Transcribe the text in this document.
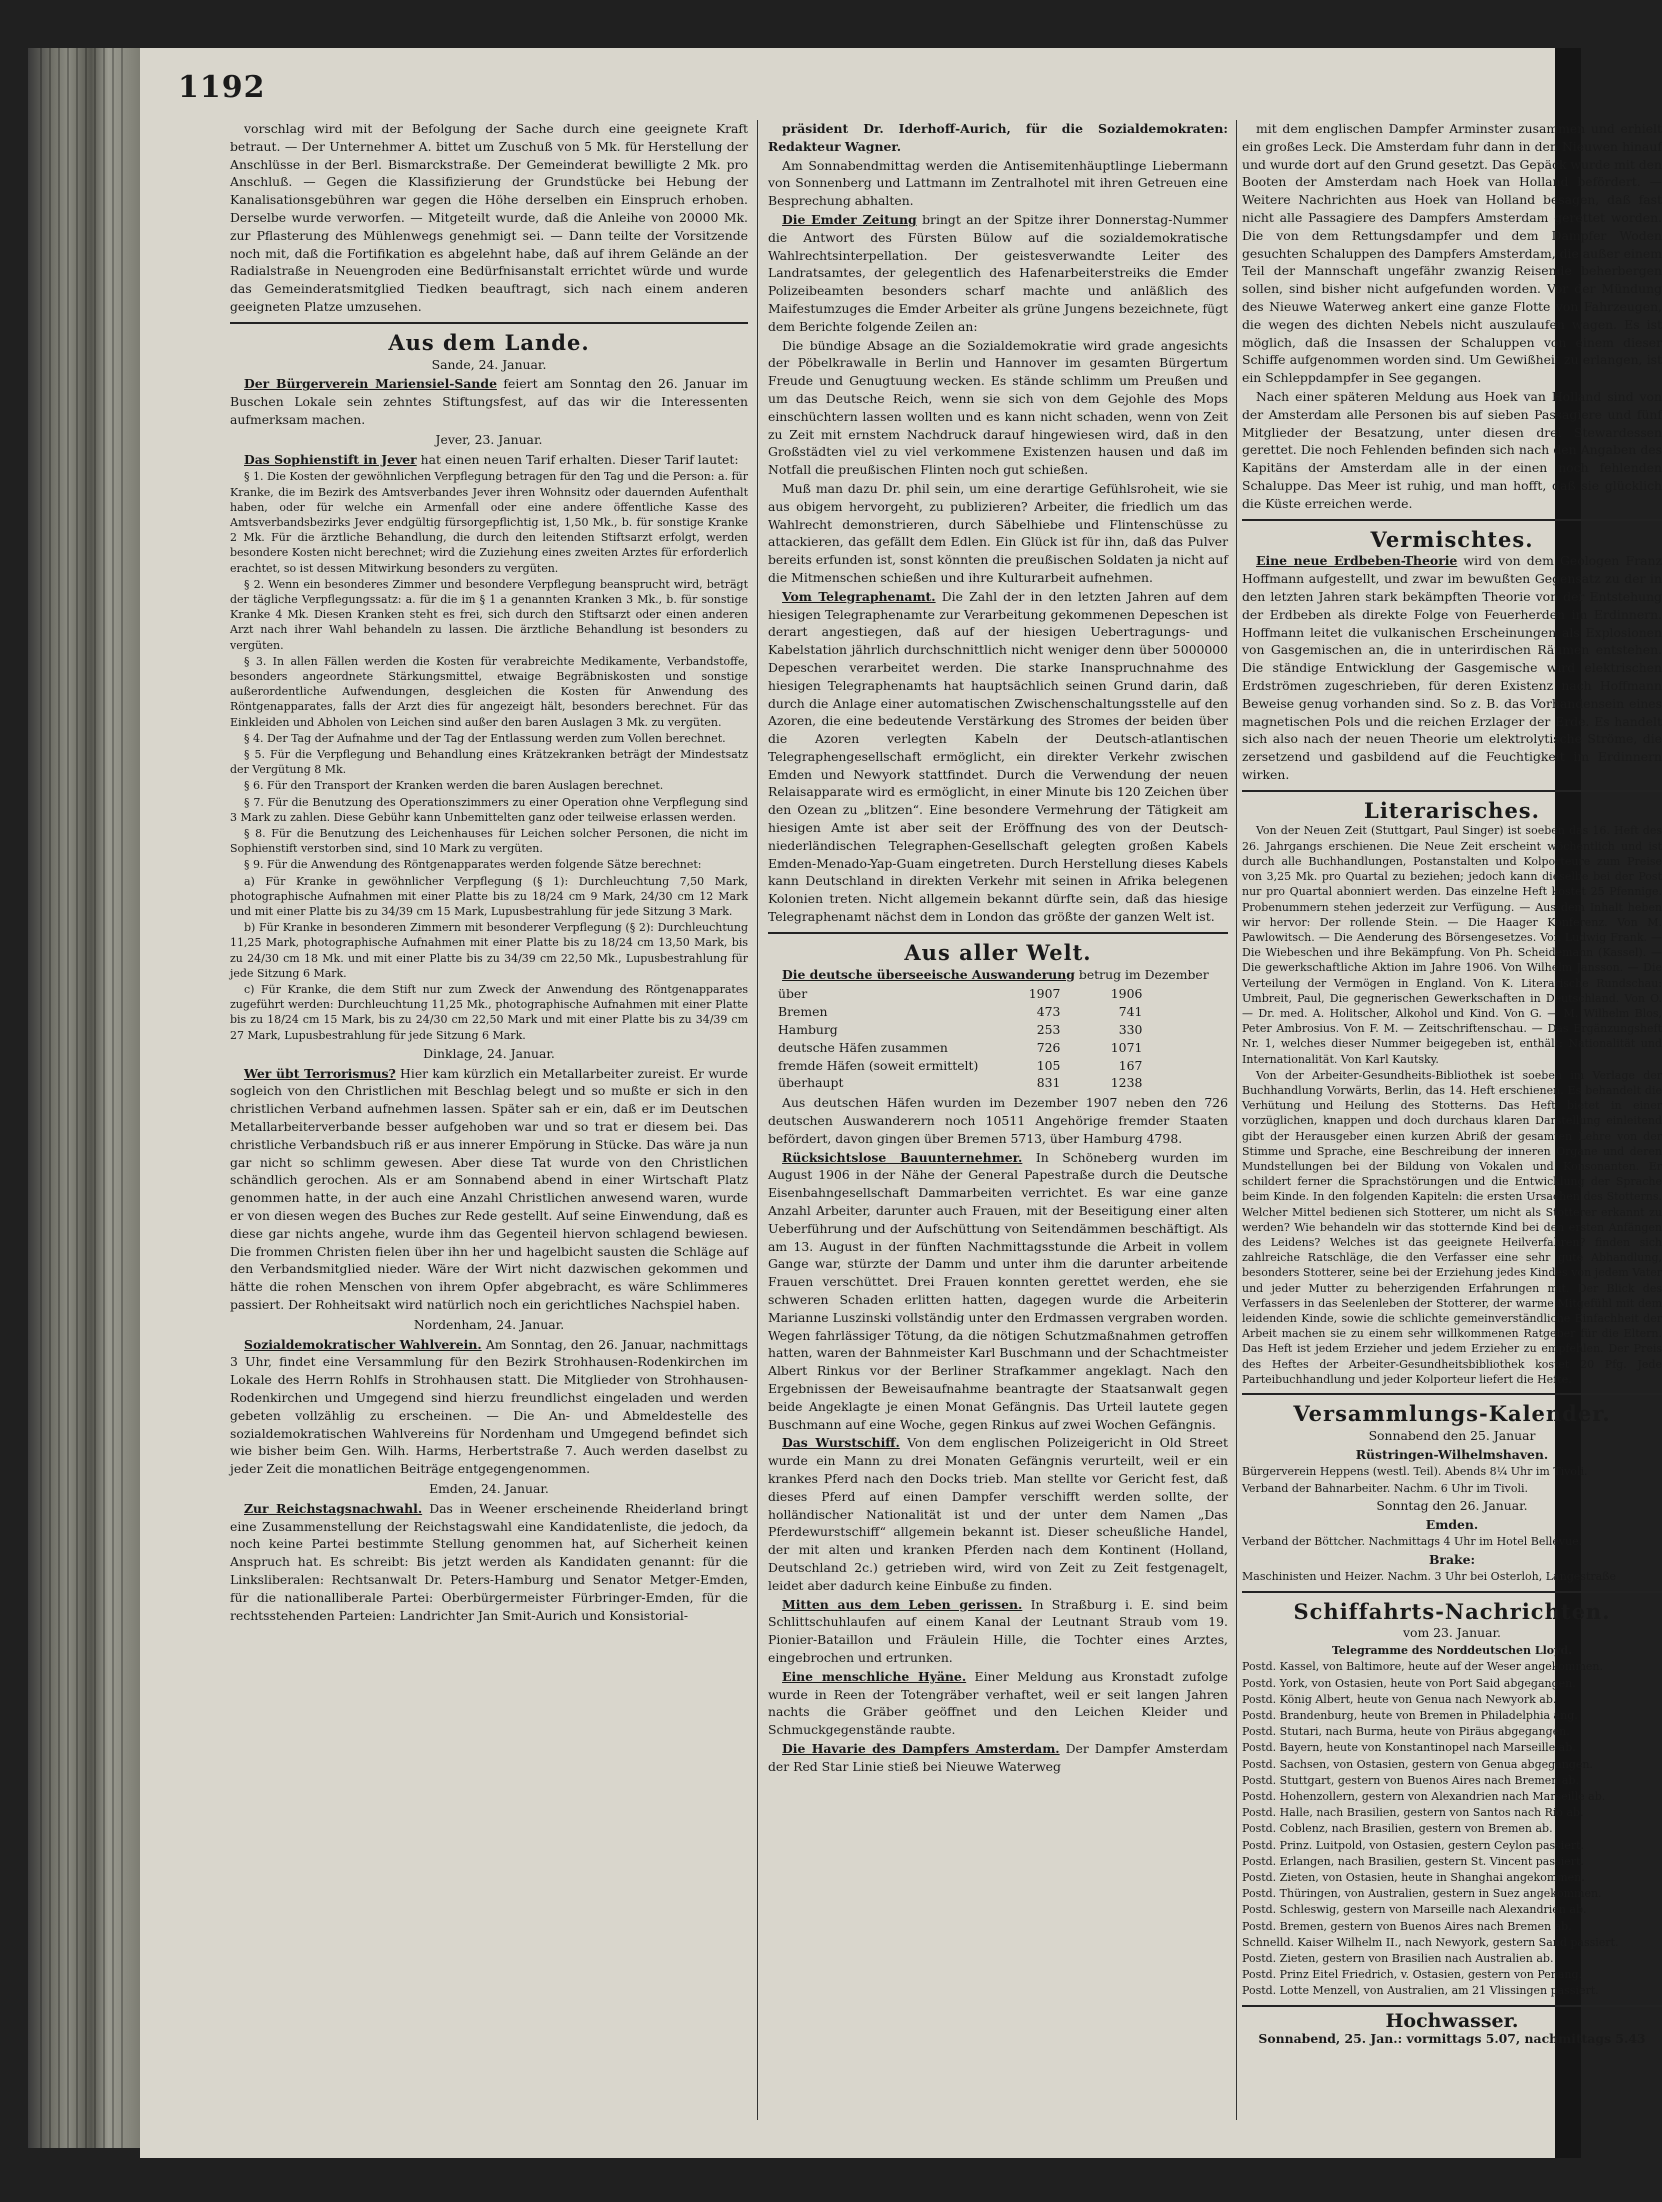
1192

vorschlag wird mit der Befolgung der Sache durch eine geeignete Kraft betraut. — Der Unternehmer A. bittet um Zuschuß von 5 Mk. für Herstellung der Anschlüsse in der Berl. Bismarckstraße. Der Gemeinderat bewilligte 2 Mk. pro Anschluß. — Gegen die Klassifizierung der Grundstücke bei Hebung der Kanalisationsgebühren war gegen die Höhe derselben ein Einspruch erhoben. Derselbe wurde verworfen. — Mitgeteilt wurde, daß die Anleihe von 20000 Mk. zur Pflasterung des Mühlenwegs genehmigt sei. — Dann teilte der Vorsitzende noch mit, daß die Fortifikation es abgelehnt habe, daß auf ihrem Gelände an der Radialstraße in Neuengroden eine Bedürfnisanstalt errichtet würde und wurde das Gemeinderatsmitglied Tiedken beauftragt, sich nach einem anderen geeigneten Platze umzusehen.

Aus dem Lande.

Sande, 24. Januar.

Der Bürgerverein Mariensiel-Sande feiert am Sonntag den 26. Januar im Buschen Lokale sein zehntes Stiftungsfest, auf das wir die Interessenten aufmerksam machen.

Jever, 23. Januar.

Das Sophienstift in Jever hat einen neuen Tarif erhalten. Dieser Tarif lautet:

§ 1. Die Kosten der gewöhnlichen Verpflegung betragen für den Tag und die Person: a. für Kranke, die im Bezirk des Amtsverbandes Jever ihren Wohnsitz oder dauernden Aufenthalt haben, oder für welche ein Armenfall oder eine andere öffentliche Kasse des Amtsverbandsbezirks Jever endgültig fürsorgepflichtig ist, 1,50 Mk., b. für sonstige Kranke 2 Mk. Für die ärztliche Behandlung, die durch den leitenden Stiftsarzt erfolgt, werden besondere Kosten nicht berechnet; wird die Zuziehung eines zweiten Arztes für erforderlich erachtet, so ist dessen Mitwirkung besonders zu vergüten.

§ 2. Wenn ein besonderes Zimmer und besondere Verpflegung beansprucht wird, beträgt der tägliche Verpflegungssatz: a. für die im § 1 a genannten Kranken 3 Mk., b. für sonstige Kranke 4 Mk. Diesen Kranken steht es frei, sich durch den Stiftsarzt oder einen anderen Arzt nach ihrer Wahl behandeln zu lassen. Die ärztliche Behandlung ist besonders zu vergüten.

§ 3. In allen Fällen werden die Kosten für verabreichte Medikamente, Verbandstoffe, besonders angeordnete Stärkungsmittel, etwaige Begräbniskosten und sonstige außerordentliche Aufwendungen, desgleichen die Kosten für Anwendung des Röntgenapparates, falls der Arzt dies für angezeigt hält, besonders berechnet. Für das Einkleiden und Abholen von Leichen sind außer den baren Auslagen 3 Mk. zu vergüten.

§ 4. Der Tag der Aufnahme und der Tag der Entlassung werden zum Vollen berechnet.

§ 5. Für die Verpflegung und Behandlung eines Krätzekranken beträgt der Mindestsatz der Vergütung 8 Mk.

§ 6. Für den Transport der Kranken werden die baren Auslagen berechnet.

§ 7. Für die Benutzung des Operationszimmers zu einer Operation ohne Verpflegung sind 3 Mark zu zahlen. Diese Gebühr kann Unbemittelten ganz oder teilweise erlassen werden.

§ 8. Für die Benutzung des Leichenhauses für Leichen solcher Personen, die nicht im Sophienstift verstorben sind, sind 10 Mark zu vergüten.

§ 9. Für die Anwendung des Röntgenapparates werden folgende Sätze berechnet:

a) Für Kranke in gewöhnlicher Verpflegung (§ 1): Durchleuchtung 7,50 Mark, photographische Aufnahmen mit einer Platte bis zu 18/24 cm 9 Mark, 24/30 cm 12 Mark und mit einer Platte bis zu 34/39 cm 15 Mark, Lupusbestrahlung für jede Sitzung 3 Mark.

b) Für Kranke in besonderen Zimmern mit besonderer Verpflegung (§ 2): Durchleuchtung 11,25 Mark, photographische Aufnahmen mit einer Platte bis zu 18/24 cm 13,50 Mark, bis zu 24/30 cm 18 Mk. und mit einer Platte bis zu 34/39 cm 22,50 Mk., Lupusbestrahlung für jede Sitzung 6 Mark.

c) Für Kranke, die dem Stift nur zum Zweck der Anwendung des Röntgenapparates zugeführt werden: Durchleuchtung 11,25 Mk., photographische Aufnahmen mit einer Platte bis zu 18/24 cm 15 Mark, bis zu 24/30 cm 22,50 Mark und mit einer Platte bis zu 34/39 cm 27 Mark, Lupusbestrahlung für jede Sitzung 6 Mark.

Dinklage, 24. Januar.

Wer übt Terrorismus? Hier kam kürzlich ein Metallarbeiter zureist. Er wurde sogleich von den Christlichen mit Beschlag belegt und so mußte er sich in den christlichen Verband aufnehmen lassen. Später sah er ein, daß er im Deutschen Metallarbeiterverbande besser aufgehoben war und so trat er diesem bei. Das christliche Verbandsbuch riß er aus innerer Empörung in Stücke. Das wäre ja nun gar nicht so schlimm gewesen. Aber diese Tat wurde von den Christlichen schändlich gerochen. Als er am Sonnabend abend in einer Wirtschaft Platz genommen hatte, in der auch eine Anzahl Christlichen anwesend waren, wurde er von diesen wegen des Buches zur Rede gestellt. Auf seine Einwendung, daß es diese gar nichts angehe, wurde ihm das Gegenteil hiervon schlagend bewiesen. Die frommen Christen fielen über ihn her und hagelbicht sausten die Schläge auf den Verbandsmitglied nieder. Wäre der Wirt nicht dazwischen gekommen und hätte die rohen Menschen von ihrem Opfer abgebracht, es wäre Schlimmeres passiert. Der Rohheitsakt wird natürlich noch ein gerichtliches Nachspiel haben.

Nordenham, 24. Januar.

Sozialdemokratischer Wahlverein. Am Sonntag, den 26. Januar, nachmittags 3 Uhr, findet eine Versammlung für den Bezirk Strohhausen-Rodenkirchen im Lokale des Herrn Rohlfs in Strohhausen statt. Die Mitglieder von Strohhausen-Rodenkirchen und Umgegend sind hierzu freundlichst eingeladen und werden gebeten vollzählig zu erscheinen. — Die An- und Abmeldestelle des sozialdemokratischen Wahlvereins für Nordenham und Umgegend befindet sich wie bisher beim Gen. Wilh. Harms, Herbertstraße 7. Auch werden daselbst zu jeder Zeit die monatlichen Beiträge entgegengenommen.

Emden, 24. Januar.

Zur Reichstagsnachwahl. Das in Weener erscheinende Rheiderland bringt eine Zusammenstellung der Reichstagswahl eine Kandidatenliste, die jedoch, da noch keine Partei bestimmte Stellung genommen hat, auf Sicherheit keinen Anspruch hat. Es schreibt: Bis jetzt werden als Kandidaten genannt: für die Linksliberalen: Rechtsanwalt Dr. Peters-Hamburg und Senator Metger-Emden, für die nationalliberale Partei: Oberbürgermeister Fürbringer-Emden, für die rechtsstehenden Parteien: Landrichter Jan Smit-Aurich und Konsistorial-

präsident Dr. Iderhoff-Aurich, für die Sozialdemokraten: Redakteur Wagner.

Am Sonnabendmittag werden die Antisemitenhäuptlinge Liebermann von Sonnenberg und Lattmann im Zentralhotel mit ihren Getreuen eine Besprechung abhalten.

Die Emder Zeitung bringt an der Spitze ihrer Donnerstag-Nummer die Antwort des Fürsten Bülow auf die sozialdemokratische Wahlrechtsinterpellation. Der geistesverwandte Leiter des Landratsamtes, der gelegentlich des Hafenarbeiterstreiks die Emder Polizeibeamten besonders scharf machte und anläßlich des Maifestumzuges die Emder Arbeiter als grüne Jungens bezeichnete, fügt dem Berichte folgende Zeilen an:

Die bündige Absage an die Sozialdemokratie wird grade angesichts der Pöbelkrawalle in Berlin und Hannover im gesamten Bürgertum Freude und Genugtuung wecken. Es stände schlimm um Preußen und um das Deutsche Reich, wenn sie sich von dem Gejohle des Mops einschüchtern lassen wollten und es kann nicht schaden, wenn von Zeit zu Zeit mit ernstem Nachdruck darauf hingewiesen wird, daß in den Großstädten viel zu viel verkommene Existenzen hausen und daß im Notfall die preußischen Flinten noch gut schießen.

Muß man dazu Dr. phil sein, um eine derartige Gefühlsroheit, wie sie aus obigem hervorgeht, zu publizieren? Arbeiter, die friedlich um das Wahlrecht demonstrieren, durch Säbelhiebe und Flintenschüsse zu attackieren, das gefällt dem Edlen. Ein Glück ist für ihn, daß das Pulver bereits erfunden ist, sonst könnten die preußischen Soldaten ja nicht auf die Mitmenschen schießen und ihre Kulturarbeit aufnehmen.

Vom Telegraphenamt. Die Zahl der in den letzten Jahren auf dem hiesigen Telegraphenamte zur Verarbeitung gekommenen Depeschen ist derart angestiegen, daß auf der hiesigen Uebertragungs- und Kabelstation jährlich durchschnittlich nicht weniger denn über 5000000 Depeschen verarbeitet werden. Die starke Inanspruchnahme des hiesigen Telegraphenamts hat hauptsächlich seinen Grund darin, daß durch die Anlage einer automatischen Zwischenschaltungsstelle auf den Azoren, die eine bedeutende Verstärkung des Stromes der beiden über die Azoren verlegten Kabeln der Deutsch-atlantischen Telegraphengesellschaft ermöglicht, ein direkter Verkehr zwischen Emden und Newyork stattfindet. Durch die Verwendung der neuen Relaisapparate wird es ermöglicht, in einer Minute bis 120 Zeichen über den Ozean zu „blitzen“. Eine besondere Vermehrung der Tätigkeit am hiesigen Amte ist aber seit der Eröffnung des von der Deutsch-niederländischen Telegraphen-Gesellschaft gelegten großen Kabels Emden-Menado-Yap-Guam eingetreten. Durch Herstellung dieses Kabels kann Deutschland in direkten Verkehr mit seinen in Afrika belegenen Kolonien treten. Nicht allgemein bekannt dürfte sein, daß das hiesige Telegraphenamt nächst dem in London das größte der ganzen Welt ist.

Aus aller Welt.

Die deutsche überseeische Auswanderung betrug im Dezember

über	1907	1906
Bremen	473	741
Hamburg	253	330
deutsche Häfen zusammen	726	1071
fremde Häfen (soweit ermittelt)	105	167
überhaupt	831	1238

Aus deutschen Häfen wurden im Dezember 1907 neben den 726 deutschen Auswanderern noch 10511 Angehörige fremder Staaten befördert, davon gingen über Bremen 5713, über Hamburg 4798.

Rücksichtslose Bauunternehmer. In Schöneberg wurden im August 1906 in der Nähe der General Papestraße durch die Deutsche Eisenbahngesellschaft Dammarbeiten verrichtet. Es war eine ganze Anzahl Arbeiter, darunter auch Frauen, mit der Beseitigung einer alten Ueberführung und der Aufschüttung von Seitendämmen beschäftigt. Als am 13. August in der fünften Nachmittagsstunde die Arbeit in vollem Gange war, stürzte der Damm und unter ihm die darunter arbeitende Frauen verschüttet. Drei Frauen konnten gerettet werden, ehe sie schweren Schaden erlitten hatten, dagegen wurde die Arbeiterin Marianne Luszinski vollständig unter den Erdmassen vergraben worden. Wegen fahrlässiger Tötung, da die nötigen Schutzmaßnahmen getroffen hatten, waren der Bahnmeister Karl Buschmann und der Schachtmeister Albert Rinkus vor der Berliner Strafkammer angeklagt. Nach den Ergebnissen der Beweisaufnahme beantragte der Staatsanwalt gegen beide Angeklagte je einen Monat Gefängnis. Das Urteil lautete gegen Buschmann auf eine Woche, gegen Rinkus auf zwei Wochen Gefängnis.

Das Wurstschiff. Von dem englischen Polizeigericht in Old Street wurde ein Mann zu drei Monaten Gefängnis verurteilt, weil er ein krankes Pferd nach den Docks trieb. Man stellte vor Gericht fest, daß dieses Pferd auf einen Dampfer verschifft werden sollte, der holländischer Nationalität ist und der unter dem Namen „Das Pferdewurstschiff“ allgemein bekannt ist. Dieser scheußliche Handel, der mit alten und kranken Pferden nach dem Kontinent (Holland, Deutschland 2c.) getrieben wird, wird von Zeit zu Zeit festgenagelt, leidet aber dadurch keine Einbuße zu finden.

Mitten aus dem Leben gerissen. In Straßburg i. E. sind beim Schlittschuhlaufen auf einem Kanal der Leutnant Straub vom 19. Pionier-Bataillon und Fräulein Hille, die Tochter eines Arztes, eingebrochen und ertrunken.

Eine menschliche Hyäne. Einer Meldung aus Kronstadt zufolge wurde in Reen der Totengräber verhaftet, weil er seit langen Jahren nachts die Gräber geöffnet und den Leichen Kleider und Schmuckgegenstände raubte.

Die Havarie des Dampfers Amsterdam. Der Dampfer Amsterdam der Red Star Linie stieß bei Nieuwe Waterweg

mit dem englischen Dampfer Arminster zusammen und erhielt ein großes Leck. Die Amsterdam fuhr dann in den Nieuwen hinauf und wurde dort auf den Grund gesetzt. Das Gepäck wurde mit den Booten der Amsterdam nach Hoek van Holland befördert. — Weitere Nachrichten aus Hoek van Holland besagen, daß fast nicht alle Passagiere des Dampfers Amsterdam gerettet worden. Die von dem Rettungsdampfer und dem Dampfer Woden gesuchten Schaluppen des Dampfers Amsterdam, die außer einem Teil der Mannschaft ungefähr zwanzig Reisende beherbergen sollen, sind bisher nicht aufgefunden worden. Vor der Mündung des Nieuwe Waterweg ankert eine ganze Flotte von Fahrzeugen, die wegen des dichten Nebels nicht auszulaufen wagen. Es ist möglich, daß die Insassen der Schaluppen von einem dieser Schiffe aufgenommen worden sind. Um Gewißheit zu erlangen, ist ein Schleppdampfer in See gegangen.

Nach einer späteren Meldung aus Hoek van Holland sind von der Amsterdam alle Personen bis auf sieben Passagiere und fünf Mitglieder der Besatzung, unter diesen drei Stewardessen gerettet. Die noch Fehlenden befinden sich nach den Angaben des Kapitäns der Amsterdam alle in der einen noch fehlenden Schaluppe. Das Meer ist ruhig, und man hofft, daß sie glücklich die Küste erreichen werde.

Vermischtes.

Eine neue Erdbeben-Theorie wird von dem Geologen Franz Hoffmann aufgestellt, und zwar im bewußten Gegensatz zu der in den letzten Jahren stark bekämpften Theorie von der Entstehung der Erdbeben als direkte Folge von Feuerherden im Erdinnern. Hoffmann leitet die vulkanischen Erscheinungen als Explosionen von Gasgemischen an, die in unterirdischen Räumen entstehen. Die ständige Entwicklung der Gasgemische wird elektrischen Erdströmen zugeschrieben, für deren Existenz nach Hoffmann Beweise genug vorhanden sind. So z. B. das Vorhandensein eines magnetischen Pols und die reichen Erzlager der Erde. Es handelt sich also nach der neuen Theorie um elektrolytische Ströme, die zersetzend und gasbildend auf die Feuchtigkeit im Erdinnern wirken.

Literarisches.

Von der Neuen Zeit (Stuttgart, Paul Singer) ist soeben das 16. Heft des 26. Jahrgangs erschienen. Die Neue Zeit erscheint wöchentlich und ist durch alle Buchhandlungen, Postanstalten und Kolporteure zum Preise von 3,25 Mk. pro Quartal zu beziehen; jedoch kann dieselbe bei der Post nur pro Quartal abonniert werden. Das einzelne Heft kostet 25 Pfennige. Probenummern stehen jederzeit zur Verfügung. — Aus dem Inhalt heben wir hervor: Der rollende Stein. — Die Haager Konferenz. Von M. Pawlowitsch. — Die Aenderung des Börsengesetzes. Von Ludwig Frank. — Die Wiebeschen und ihre Bekämpfung. Von Ph. Scheidemann (Kassel). — Die gewerkschaftliche Aktion im Jahre 1906. Von Wilhelm Jansson. — Die Verteilung der Vermögen in England. Von K. Literarische Rundschau: Umbreit, Paul, Die gegnerischen Gewerkschaften in Deutschland. Von O. — Dr. med. A. Holitscher, Alkohol und Kind. Von G. — M. Wilhelm Blos, Peter Ambrosius. Von F. M. — Zeitschriftenschau. — Das Ergänzungsheft Nr. 1, welches dieser Nummer beigegeben ist, enthält: Nationalität und Internationalität. Von Karl Kautsky.

Von der Arbeiter-Gesundheits-Bibliothek ist soeben im Verlage der Buchhandlung Vorwärts, Berlin, das 14. Heft erschienen. Es behandelt die Verhütung und Heilung des Stotterns. Das Heft bietet in einer vorzüglichen, knappen und doch durchaus klaren Darstellung einleitend gibt der Herausgeber einen kurzen Abriß der gesamten Lehre von der Stimme und Sprache, eine Beschreibung der inneren Organe und deren Mundstellungen bei der Bildung von Vokalen und Konsonanten. Er schildert ferner die Sprachstörungen und die Entwicklung der Sprache beim Kinde. In den folgenden Kapiteln: die ersten Ursachen des Stotterns. Welcher Mittel bedienen sich Stotterer, um nicht als Stotterer erkannt zu werden? Wie behandeln wir das stotternde Kind bei den ersten Anfängen des Leidens? Welches ist das geeignete Heilverfahren? finden sich zahlreiche Ratschläge, die den Verfasser eine sehr gute Abhandlung, besonders Stotterer, seine bei der Erziehung jedes Kindes von jedem Vater und jeder Mutter zu beherzigenden Erfahrungen mit. Der Blick des Verfassers in das Seelenleben der Stotterer, der warme Mitgefühl mit dem leidenden Kinde, sowie die schlichte gemeinverständliche Einfachheit der Arbeit machen sie zu einem sehr willkommenen Ratgeber für die Eltern. Das Heft ist jedem Erzieher und jedem Erzieher zu empfehlen. Der Preis des Heftes der Arbeiter-Gesundheitsbibliothek kostet 20 Pfg. Jede Parteibuchhandlung und jeder Kolporteur liefert die Hefte.

Versammlungs-Kalender.

Sonnabend den 25. Januar

Rüstringen-Wilhelmshaven.

Bürgerverein Heppens (westl. Teil). Abends 8¼ Uhr im Tivoli.

Verband der Bahnarbeiter. Nachm. 6 Uhr im Tivoli.

Sonntag den 26. Januar.

Emden.

Verband der Böttcher. Nachmittags 4 Uhr im Hotel Bellevue.

Brake:

Maschinisten und Heizer. Nachm. 3 Uhr bei Osterloh, Langestraße

Schiffahrts-Nachrichten.

vom 23. Januar.

Telegramme des Norddeutschen Lloyd.

Postd. Kassel, von Baltimore, heute auf der Weser angekommen.

Postd. York, von Ostasien, heute von Port Said abgegangen.

Postd. König Albert, heute von Genua nach Newyork ab.

Postd. Brandenburg, heute von Bremen in Philadelphia ang.

Postd. Stutari, nach Burma, heute von Piräus abgegangen.

Postd. Bayern, heute von Konstantinopel nach Marseille ab.

Postd. Sachsen, von Ostasien, gestern von Genua abgegangen.

Postd. Stuttgart, gestern von Buenos Aires nach Bremen ab.

Postd. Hohenzollern, gestern von Alexandrien nach Marseille ab.

Postd. Halle, nach Brasilien, gestern von Santos nach Rio ab.

Postd. Coblenz, nach Brasilien, gestern von Bremen ab.

Postd. Prinz. Luitpold, von Ostasien, gestern Ceylon passiert.

Postd. Erlangen, nach Brasilien, gestern St. Vincent passiert.

Postd. Zieten, von Ostasien, heute in Shanghai angekommen.

Postd. Thüringen, von Australien, gestern in Suez angekommen.

Postd. Schleswig, gestern von Marseille nach Alexandrien ab.

Postd. Bremen, gestern von Buenos Aires nach Bremen ab.

Schnelld. Kaiser Wilhelm II., nach Newyork, gestern Sand passiert.

Postd. Zieten, gestern von Brasilien nach Australien ab.

Postd. Prinz Eitel Friedrich, v. Ostasien, gestern von Penang.

Postd. Lotte Menzell, von Australien, am 21 Vlissingen passiert.

Hochwasser.

Sonnabend, 25. Jan.: vormittags 5.07, nachmittags 5.43
